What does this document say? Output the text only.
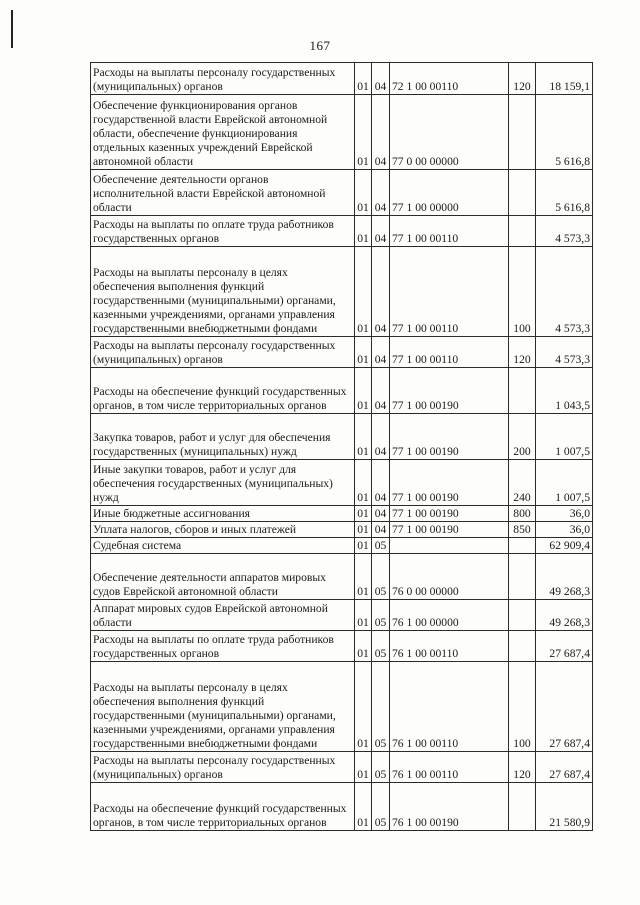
167
Расходы на выплаты персоналу государственных (муниципальных) органов	01	04	72 1 00 00110	120	18 159,1
Обеспечение функционирования органов государственной власти Еврейской автономной области, обеспечение функционирования отдельных казенных учреждений Еврейской автономной области	01	04	77 0 00 00000		5 616,8
Обеспечение деятельности органов исполнительной власти Еврейской автономной области	01	04	77 1 00 00000		5 616,8
Расходы на выплаты по оплате труда работников государственных органов	01	04	77 1 00 00110		4 573,3
Расходы на выплаты персоналу в целях обеспечения выполнения функций государственными (муниципальными) органами, казенными учреждениями, органами управления государственными внебюджетными фондами	01	04	77 1 00 00110	100	4 573,3
Расходы на выплаты персоналу государственных (муниципальных) органов	01	04	77 1 00 00110	120	4 573,3
Расходы на обеспечение функций государственных органов, в том числе территориальных органов	01	04	77 1 00 00190		1 043,5
Закупка товаров, работ и услуг для обеспечения государственных (муниципальных) нужд	01	04	77 1 00 00190	200	1 007,5
Иные закупки товаров, работ и услуг для обеспечения государственных (муниципальных) нужд	01	04	77 1 00 00190	240	1 007,5
Иные бюджетные ассигнования	01	04	77 1 00 00190	800	36,0
Уплата налогов, сборов и иных платежей	01	04	77 1 00 00190	850	36,0
Судебная система	01	05			62 909,4
Обеспечение деятельности аппаратов мировых судов Еврейской автономной области	01	05	76 0 00 00000		49 268,3
Аппарат мировых судов Еврейской автономной области	01	05	76 1 00 00000		49 268,3
Расходы на выплаты по оплате труда работников государственных органов	01	05	76 1 00 00110		27 687,4
Расходы на выплаты персоналу в целях обеспечения выполнения функций государственными (муниципальными) органами, казенными учреждениями, органами управления государственными внебюджетными фондами	01	05	76 1 00 00110	100	27 687,4
Расходы на выплаты персоналу государственных (муниципальных) органов	01	05	76 1 00 00110	120	27 687,4
Расходы на обеспечение функций государственных органов, в том числе территориальных органов	01	05	76 1 00 00190		21 580,9
